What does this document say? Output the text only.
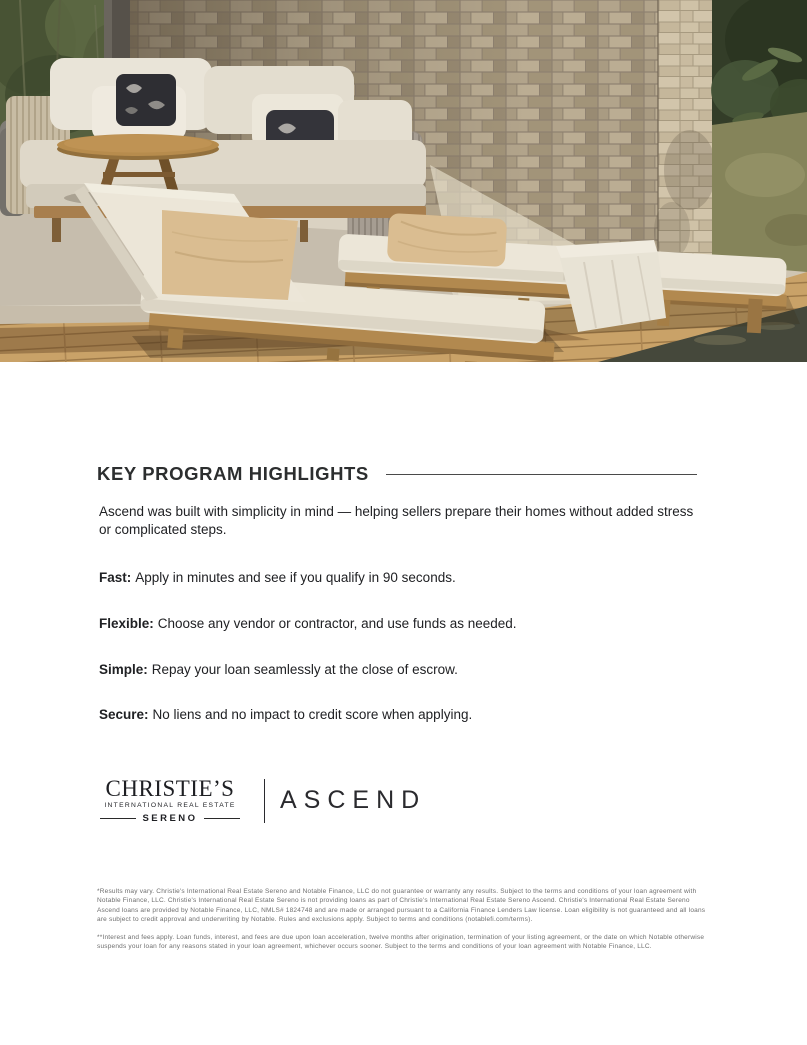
KEY PROGRAM HIGHLIGHTS

Ascend was built with simplicity in mind — helping sellers prepare their homes without added stress or complicated steps.

Fast: Apply in minutes and see if you qualify in 90 seconds.
Flexible: Choose any vendor or contractor, and use funds as needed.
Simple: Repay your loan seamlessly at the close of escrow.
Secure: No liens and no impact to credit score when applying.
CHRISTIE’S
INTERNATIONAL REAL ESTATE
SERENO
ASCEND

*Results may vary. Christie's International Real Estate Sereno and Notable Finance, LLC do not guarantee or warranty any results. Subject to the terms and conditions of your loan agreement with Notable Finance, LLC. Christie's International Real Estate Sereno is not providing loans as part of Christie's International Real Estate Sereno Ascend. Christie's International Real Estate Sereno Ascend loans are provided by Notable Finance, LLC, NMLS# 1824748 and are made or arranged pursuant to a California Finance Lenders Law license. Loan eligibility is not guaranteed and all loans are subject to credit approval and underwriting by Notable. Rules and exclusions apply. Subject to terms and conditions (notablefi.com/terms).

**Interest and fees apply. Loan funds, interest, and fees are due upon loan acceleration, twelve months after origination, termination of your listing agreement, or the date on which Notable otherwise suspends your loan for any reasons stated in your loan agreement, whichever occurs sooner. Subject to the terms and conditions of your loan agreement with Notable Finance, LLC.
